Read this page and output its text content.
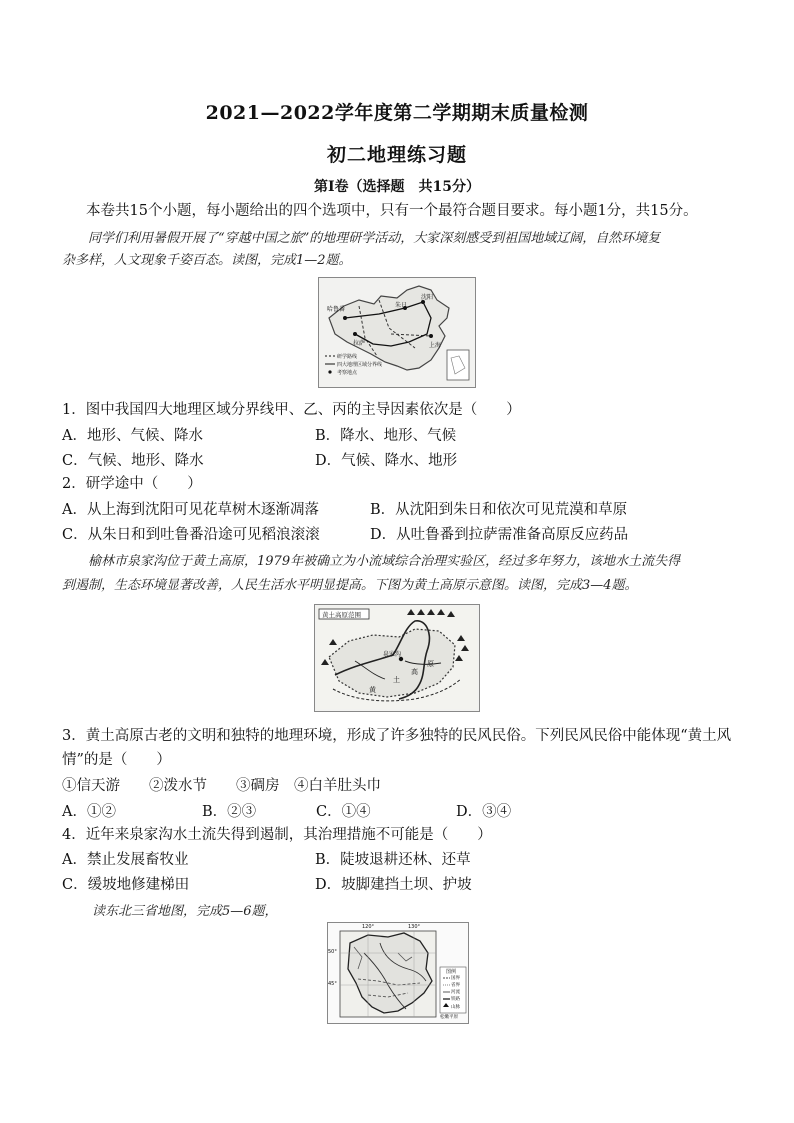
2021—2022学年度第二学期期末质量检测
初二地理练习题
第Ⅰ卷（选择题　共15分）
本卷共15个小题，每小题给出的四个选项中，只有一个最符合题目要求。每小题1分，共15分。
同学们利用暑假开展了“穿越中国之旅”的地理研学活动，大家深刻感受到祖国地域辽阔，自然环境复
杂多样，人文现象千姿百态。读图，完成1—2题。
哈鲁番
沈阳
朱日
拉萨	上海
研学路线
四大地理区域分界线
考察地点
1．图中我国四大地理区域分界线甲、乙、丙的主导因素依次是（　　）
A．地形、气候、降水	B．降水、地形、气候
C．气候、地形、降水	D．气候、降水、地形
2．研学途中（　　）
A．从上海到沈阳可见花草树木逐渐凋落	B．从沈阳到朱日和依次可见荒漠和草原
C．从朱日和到吐鲁番沿途可见稻浪滚滚	D．从吐鲁番到拉萨需准备高原反应药品
榆林市泉家沟位于黄土高原，1979年被确立为小流域综合治理实验区，经过多年努力，该地水土流失得
到遏制，生态环境显著改善，人民生活水平明显提高。下图为黄土高原示意图。读图，完成3—4题。
黄土高原范围
泉家沟
黄
土
高
原
3．黄土高原古老的文明和独特的地理环境，形成了许多独特的民风民俗。下列民风民俗中能体现“黄土风
情”的是（　　）
①信天游　　②泼水节　　③碉房　④白羊肚头巾
A．①②	B．②③	C．①④	D．③④
4．近年来泉家沟水土流失得到遏制，其治理措施不可能是（　　）
A．禁止发展畜牧业	B．陡坡退耕还林、还草
C．缓坡地修建梯田	D．坡脚建挡土坝、护坡
读东北三省地图，完成5—6题，
50°
45°
120°	130°
图例
国界
省界
河流
铁路
山脉
松嫩平原
